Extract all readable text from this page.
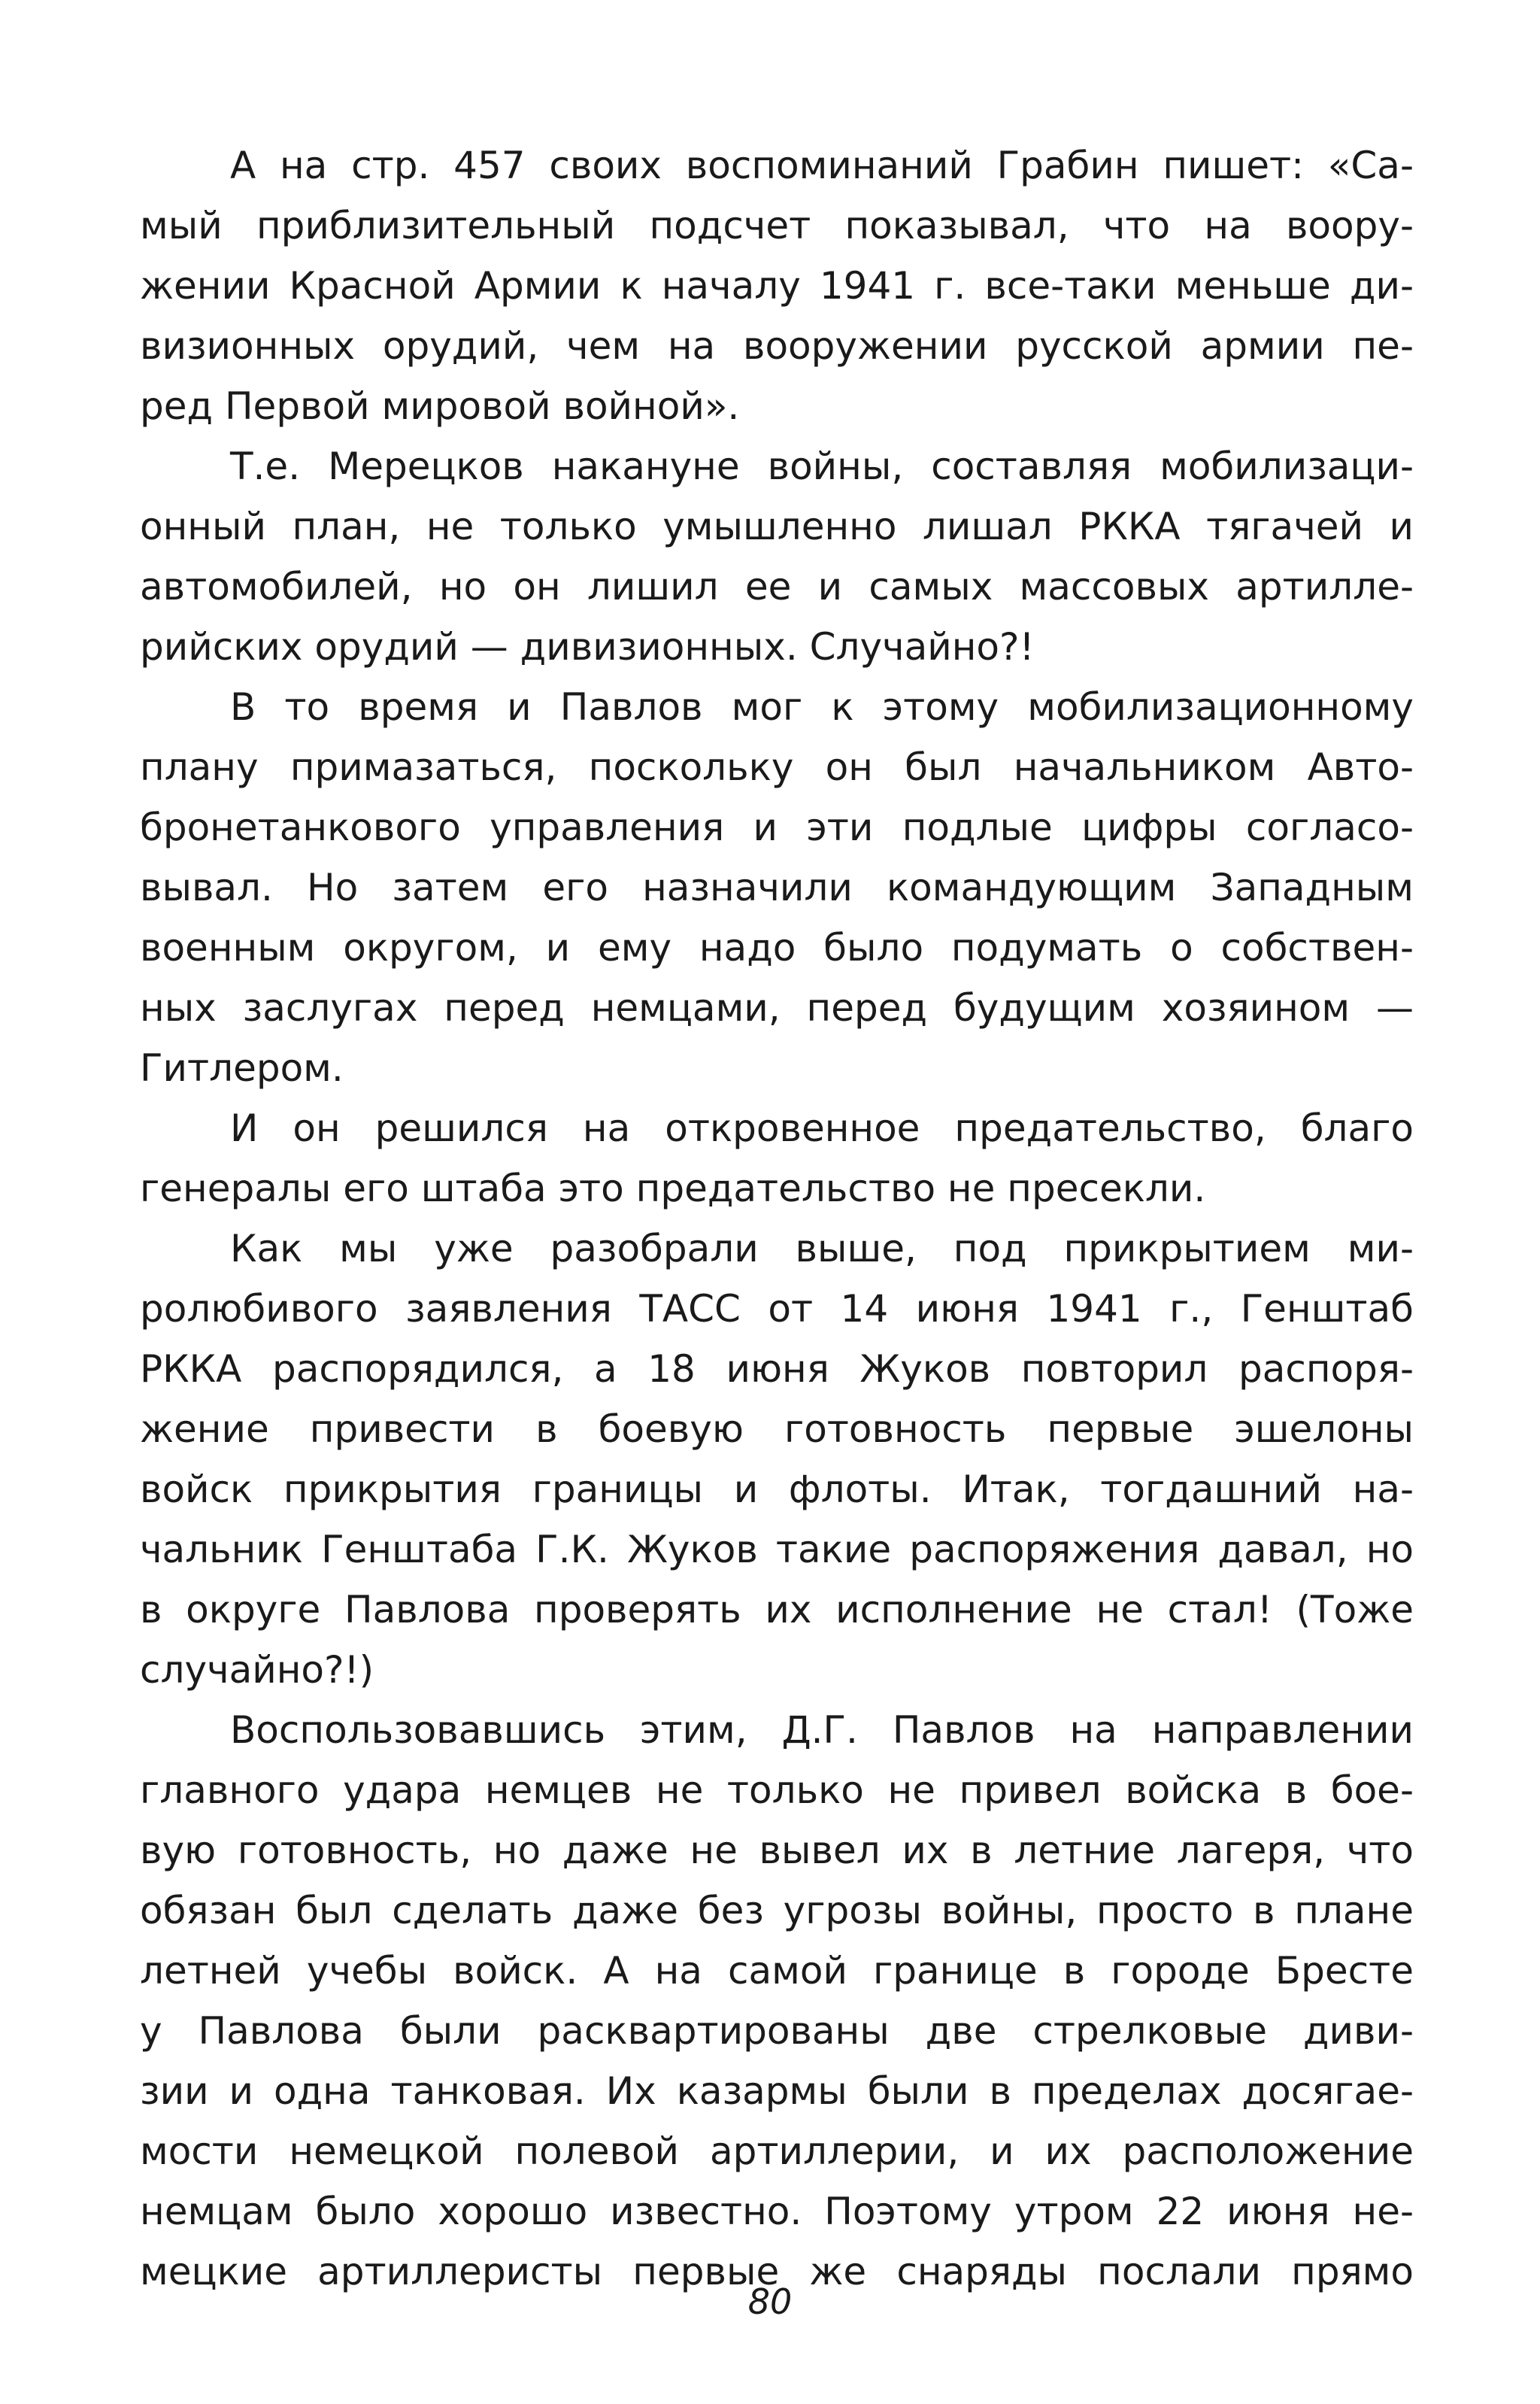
А на стр. 457 своих воспоминаний Грабин пишет: «Са-
мый приблизительный подсчет показывал, что на воору-
жении Красной Армии к началу 1941 г. все-таки меньше ди-
визионных орудий, чем на вооружении русской армии пе-
ред Первой мировой войной».
Т.е. Мерецков накануне войны, составляя мобилизаци-
онный план, не только умышленно лишал РККА тягачей и
автомобилей, но он лишил ее и самых массовых артилле-
рийских орудий — дивизионных. Случайно?!
В то время и Павлов мог к этому мобилизационному
плану примазаться, поскольку он был начальником Авто-
бронетанкового управления и эти подлые цифры согласо-
вывал. Но затем его назначили командующим Западным
военным округом, и ему надо было подумать о собствен-
ных заслугах перед немцами, перед будущим хозяином —
Гитлером.
И он решился на откровенное предательство, благо
генералы его штаба это предательство не пресекли.
Как мы уже разобрали выше, под прикрытием ми-
ролюбивого заявления ТАСС от 14 июня 1941 г., Генштаб
РККА распорядился, а 18 июня Жуков повторил распоря-
жение привести в боевую готовность первые эшелоны
войск прикрытия границы и флоты. Итак, тогдашний на-
чальник Генштаба Г.К. Жуков такие распоряжения давал, но
в округе Павлова проверять их исполнение не стал! (Тоже
случайно?!)
Воспользовавшись этим, Д.Г. Павлов на направлении
главного удара немцев не только не привел войска в бое-
вую готовность, но даже не вывел их в летние лагеря, что
обязан был сделать даже без угрозы войны, просто в плане
летней учебы войск. А на самой границе в городе Бресте
у Павлова были расквартированы две стрелковые диви-
зии и одна танковая. Их казармы были в пределах досягае-
мости немецкой полевой артиллерии, и их расположение
немцам было хорошо известно. Поэтому утром 22 июня не-
мецкие артиллеристы первые же снаряды послали прямо
80
